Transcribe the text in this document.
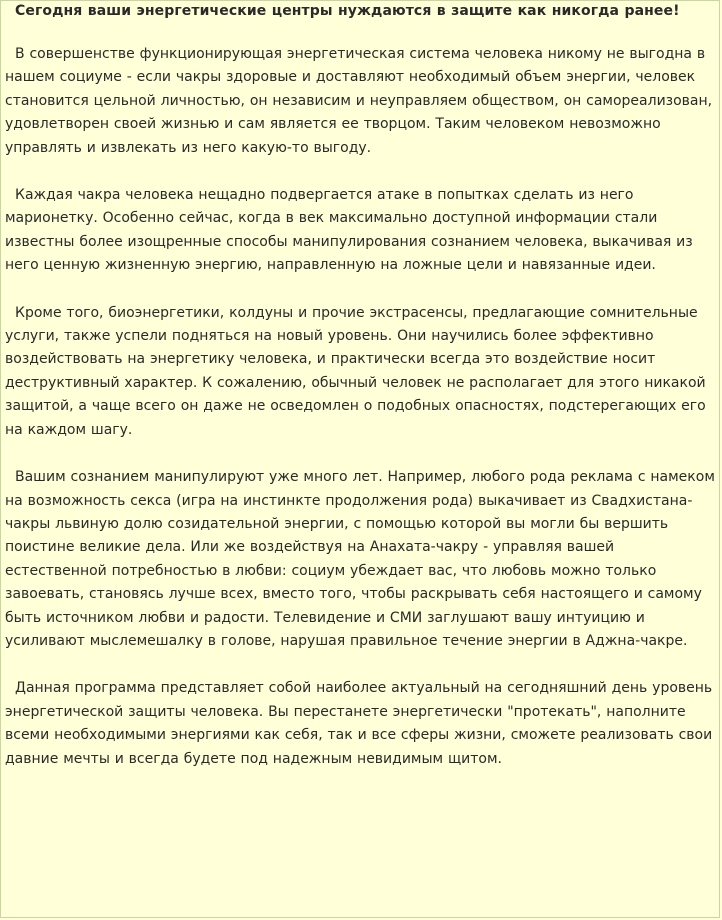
Сегодня ваши энергетические центры нуждаются в защите как никогда ранее!

В совершенстве функционирующая энергетическая система человека никому не выгодна в нашем социуме - если чакры здоровые и доставляют необходимый объем энергии, человек становится цельной личностью, он независим и неуправляем обществом, он самореализован, удовлетворен своей жизнью и сам является ее творцом. Таким человеком невозможно управлять и извлекать из него какую-то выгоду.

Каждая чакра человека нещадно подвергается атаке в попытках сделать из него марионетку. Особенно сейчас, когда в век максимально доступной информации стали известны более изощренные способы манипулирования сознанием человека, выкачивая из него ценную жизненную энергию, направленную на ложные цели и навязанные идеи.

Кроме того, биоэнергетики, колдуны и прочие экстрасенсы, предлагающие сомнительные услуги, также успели подняться на новый уровень. Они научились более эффективно воздействовать на энергетику человека, и практически всегда это воздействие носит деструктивный характер. К сожалению, обычный человек не располагает для этого никакой защитой, а чаще всего он даже не осведомлен о подобных опасностях, подстерегающих его на каждом шагу.

Вашим сознанием манипулируют уже много лет. Например, любого рода реклама с намеком на возможность секса (игра на инстинкте продолжения рода) выкачивает из Свадхистана-чакры львиную долю созидательной энергии, с помощью которой вы могли бы вершить поистине великие дела. Или же воздействуя на Анахата-чакру - управляя вашей естественной потребностью в любви: социум убеждает вас, что любовь можно только завоевать, становясь лучше всех, вместо того, чтобы раскрывать себя настоящего и самому быть источником любви и радости. Телевидение и СМИ заглушают вашу интуицию и усиливают мыслемешалку в голове, нарушая правильное течение энергии в Аджна-чакре.

Данная программа представляет собой наиболее актуальный на сегодняшний день уровень энергетической защиты человека. Вы перестанете энергетически "протекать", наполните всеми необходимыми энергиями как себя, так и все сферы жизни, сможете реализовать свои давние мечты и всегда будете под надежным невидимым щитом.
